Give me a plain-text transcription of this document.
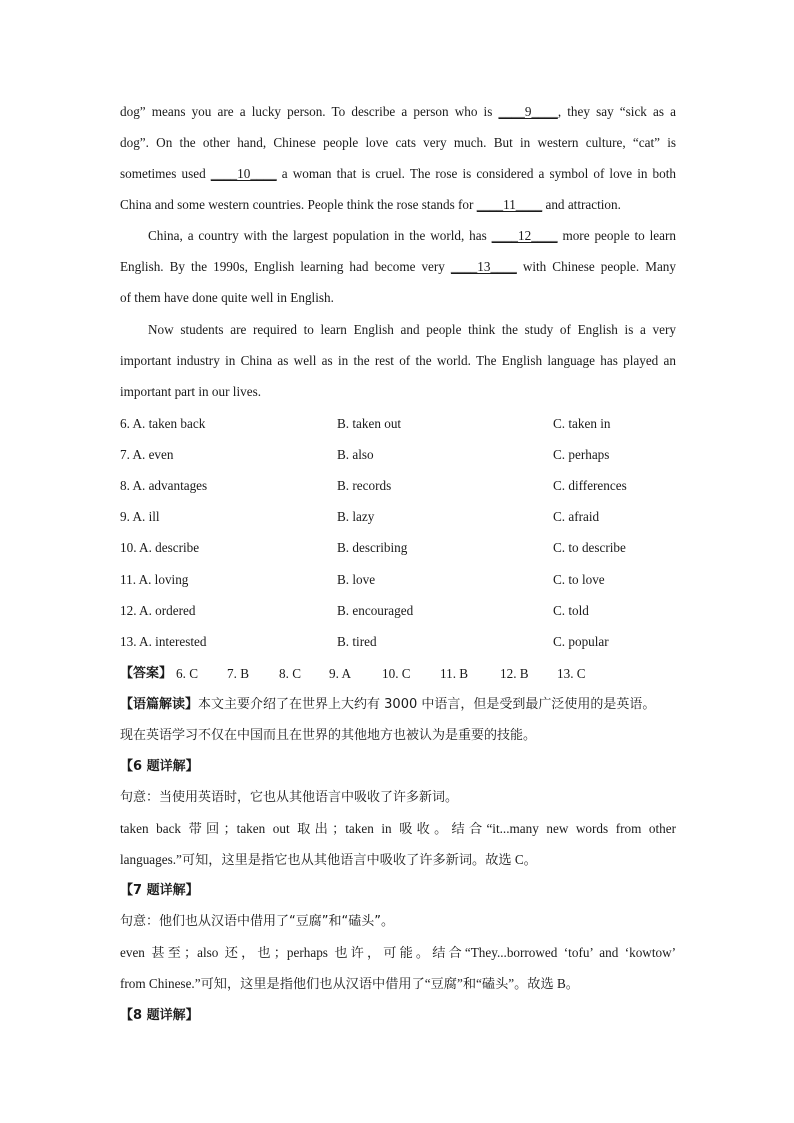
dog” means you are a lucky person. To describe a person who is ____9____, they say “sick as a
dog”. On the other hand, Chinese people love cats very much. But in western culture, “cat” is
sometimes used ____10____ a woman that is cruel. The rose is considered a symbol of love in both
China and some western countries. People think the rose stands for ____11____ and attraction.
China, a country with the largest population in the world, has ____12____ more people to learn
English. By the 1990s, English learning had become very ____13____ with Chinese people. Many
of them have done quite well in English.
Now students are required to learn English and people think the study of English is a very
important industry in China as well as in the rest of the world. The English language has played an
important part in our lives.
6. A. taken back	B. taken out	C. taken in
7. A. even	B. also	C. perhaps
8. A. advantages	B. records	C. differences
9. A. ill	B. lazy	C. afraid
10. A. describe	B. describing	C. to describe
11. A. loving	B. love	C. to love
12. A. ordered	B. encouraged	C. told
13. A. interested	B. tired	C. popular
【答案】 6. C 7. B 8. C 9. A 10. C 11. B 12. B 13. C
【语篇解读】本文主要介绍了在世界上大约有 3000 中语言，但是受到最广泛使用的是英语。
现在英语学习不仅在中国而且在世界的其他地方也被认为是重要的技能。
【6 题详解】
句意：当使用英语时，它也从其他语言中吸收了许多新词。
taken back 带回；taken out 取出；taken in 吸收。结合“it...many new words from other
languages.”可知，这里是指它也从其他语言中吸收了许多新词。故选 C。
【7 题详解】
句意：他们也从汉语中借用了“豆腐”和“磕头”。
even 甚至；also 还，也；perhaps 也许，可能。结合“They...borrowed ‘tofu’ and ‘kowtow’
from Chinese.”可知，这里是指他们也从汉语中借用了“豆腐”和“磕头”。故选 B。
【8 题详解】
